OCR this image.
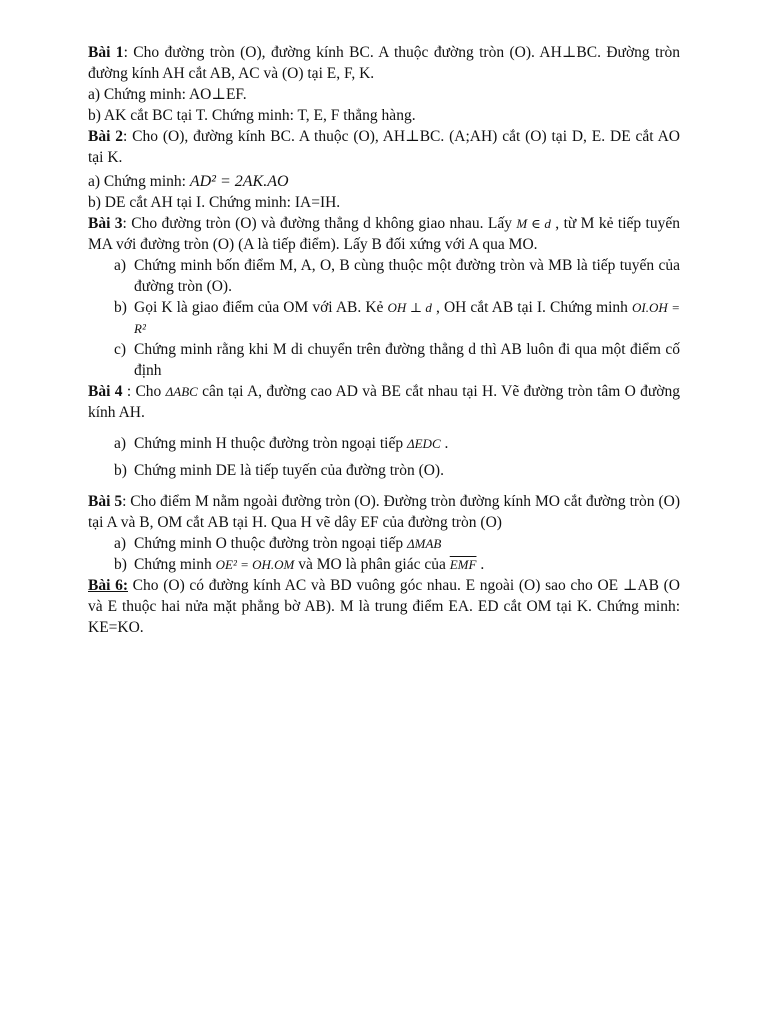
Bài 1: Cho đường tròn (O), đường kính BC. A thuộc đường tròn (O). AH⊥BC. Đường tròn đường kính AH cắt AB, AC và (O) tại E, F, K.

a) Chứng minh: AO⊥EF.

b) AK cắt BC tại T. Chứng minh: T, E, F thẳng hàng.

Bài 2: Cho (O), đường kính BC. A thuộc (O), AH⊥BC. (A;AH) cắt (O) tại D, E. DE cắt AO tại K.

a) Chứng minh: AD² = 2AK.AO

b) DE cắt AH tại I. Chứng minh: IA=IH.

Bài 3: Cho đường tròn (O) và đường thẳng d không giao nhau. Lấy M ∈ d , từ M kẻ tiếp tuyến MA với đường tròn (O) (A là tiếp điểm). Lấy B đối xứng với A qua MO.

a) Chứng minh bốn điểm M, A, O, B cùng thuộc một đường tròn và MB là tiếp tuyến của đường tròn (O).
b) Gọi K là giao điểm của OM với AB. Kẻ OH ⊥ d , OH cắt AB tại I. Chứng minh OI.OH = R²
c) Chứng minh rằng khi M di chuyển trên đường thẳng d thì AB luôn đi qua một điểm cố định

Bài 4 : Cho ΔABC cân tại A, đường cao AD và BE cắt nhau tại H. Vẽ đường tròn tâm O đường kính AH.

a) Chứng minh H thuộc đường tròn ngoại tiếp ΔEDC .
b) Chứng minh DE là tiếp tuyến của đường tròn (O).

Bài 5: Cho điểm M nằm ngoài đường tròn (O). Đường tròn đường kính MO cắt đường tròn (O) tại A và B, OM cắt AB tại H. Qua H vẽ dây EF của đường tròn (O)

a) Chứng minh O thuộc đường tròn ngoại tiếp ΔMAB
b) Chứng minh OE² = OH.OM và MO là phân giác của $\overline{EMF}$ .

Bài 6: Cho (O) có đường kính AC và BD vuông góc nhau. E ngoài (O) sao cho OE ⊥AB (O và E thuộc hai nửa mặt phẳng bờ AB). M là trung điểm EA. ED cắt OM tại K. Chứng minh: KE=KO.
